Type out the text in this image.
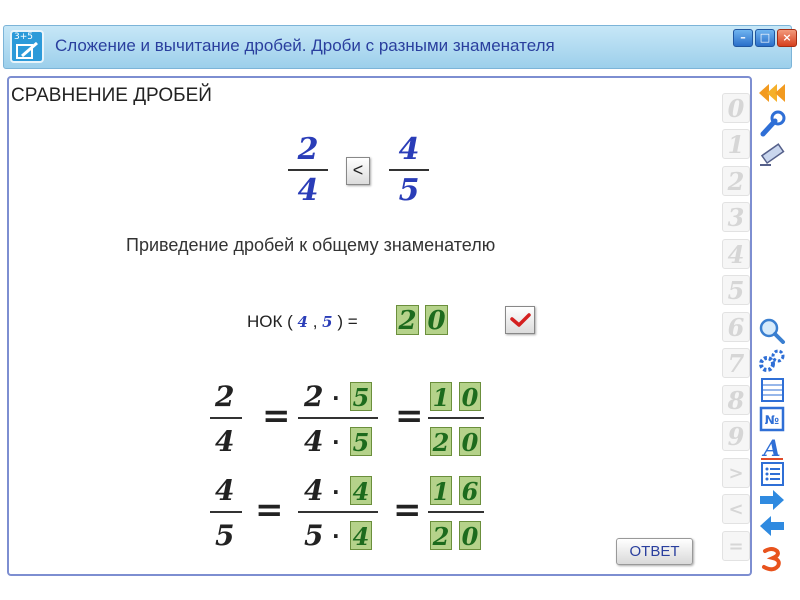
3+5 Сложение и вычитание дробей. Дроби с разными знаменателя	–	□	×
СРАВНЕНИЕ ДРОБЕЙ
2
4
<
4
5
Приведение дробей к общему знаменателю
НОК ( 4 , 5 ) = 2 0
2
4
= 2 · 5
4 · 5
= 1 0
2 0
4
5
= 4 · 4
5 · 4
= 1 6
2 0
ОТВЕТ
0
1
2
3
4
5
6
7
8
9
>
<
=
№
A
